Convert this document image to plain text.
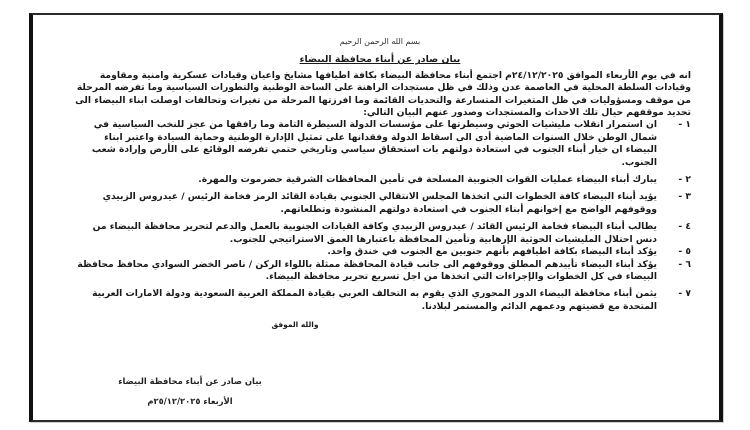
بسم الله الرحمن الرحيم
بيان صادر عن أبناء محافظة البيضاء
انه في يوم الأربعاء الموافق ٢٤/١٢/٢٠٢٥م اجتمع أبناء محافظة البيضاء بكافة اطيافها مشايخ واعيان وقيادات عسكرية وامنية ومقاومة وقيادات السلطة المحلية في العاصمة عدن وذلك في ظل مستجدات الراهنة على الساحة الوطنية والتطورات السياسية وما تفرضه المرحلة من موقف ومسؤوليات في ظل المتغيرات المتسارعة والتحديات القائمة وما افرزتها المرحلة من تغيرات وتحالفات اوصلت ابناء البيضاء الى تحديد موقفهم حيال تلك الاحداث والمستجدات وصدور عنهم البيان التالي:
١ -
ان استمرار انقلاب مليشيات الحوثي وسيطرتها على مؤسسات الدولة السيطرة التامة وما رافقها من عجز للنخب السياسية في شمال الوطن خلال السنوات الماضية أدى الى اسقاط الدولة وفقدانها على تمثيل الإدارة الوطنية وحماية السيادة واعتبر ابناء البيضاء ان خيار أبناء الجنوب في استعادة دولتهم بات استحقاق سياسي وتاريخي حتمي تفرضه الوقائع على الأرض وإرادة شعب الجنوب.
٢ -
يبارك أبناء البيضاء عمليات القوات الجنوبية المسلحة في تأمين المحافظات الشرقية حضرموت والمهرة.
٣ -
يؤيد أبناء البيضاء كافة الخطوات التي اتخذها المجلس الانتقالي الجنوبي بقيادة القائد الرمز فخامة الرئيس / عيدروس الزبيدي ووقوفهم الواضح مع إخوانهم أبناء الجنوب في استعادة دولتهم المنشودة وتطلعاتهم.
٤ -
يطالب أبناء البيضاء فخامة الرئيس القائد / عيدروس الزبيدي وكافة القيادات الجنوبية بالعمل والدعم لتحرير محافظة البيضاء من دنس احتلال المليشيات الحوثية الإرهابية وتأمين المحافظة باعتبارها العمق الاستراتيجي للجنوب.
٥ -
يؤكد أبناء البيضاء بكافة اطيافهم بأنهم جنوبين مع الجنوب في خندق واحد.
٦ -
يؤكد أبناء البيضاء تأييدهم المطلق ووقوفهم الى جانب قيادة المحافظة ممثلة باللواء الركن / ناصر الخضر السوادي محافظ محافظة البيضاء في كل الخطوات والإجراءات التي اتخذها من اجل تسريع تحرير محافظة البيضاء.
٧ -
يثمن أبناء محافظة البيضاء الدور المحوري الذي يقوم به التحالف العربي بقيادة المملكة العربية السعودية ودولة الامارات العربية المتحدة مع قضيتهم ودعمهم الدائم والمستمر لبلادنا.
والله الموفق
بيان صادر عن أبناء محافظة البيضاء
الأربعاء ٢٥/١٢/٢٠٢٥م
